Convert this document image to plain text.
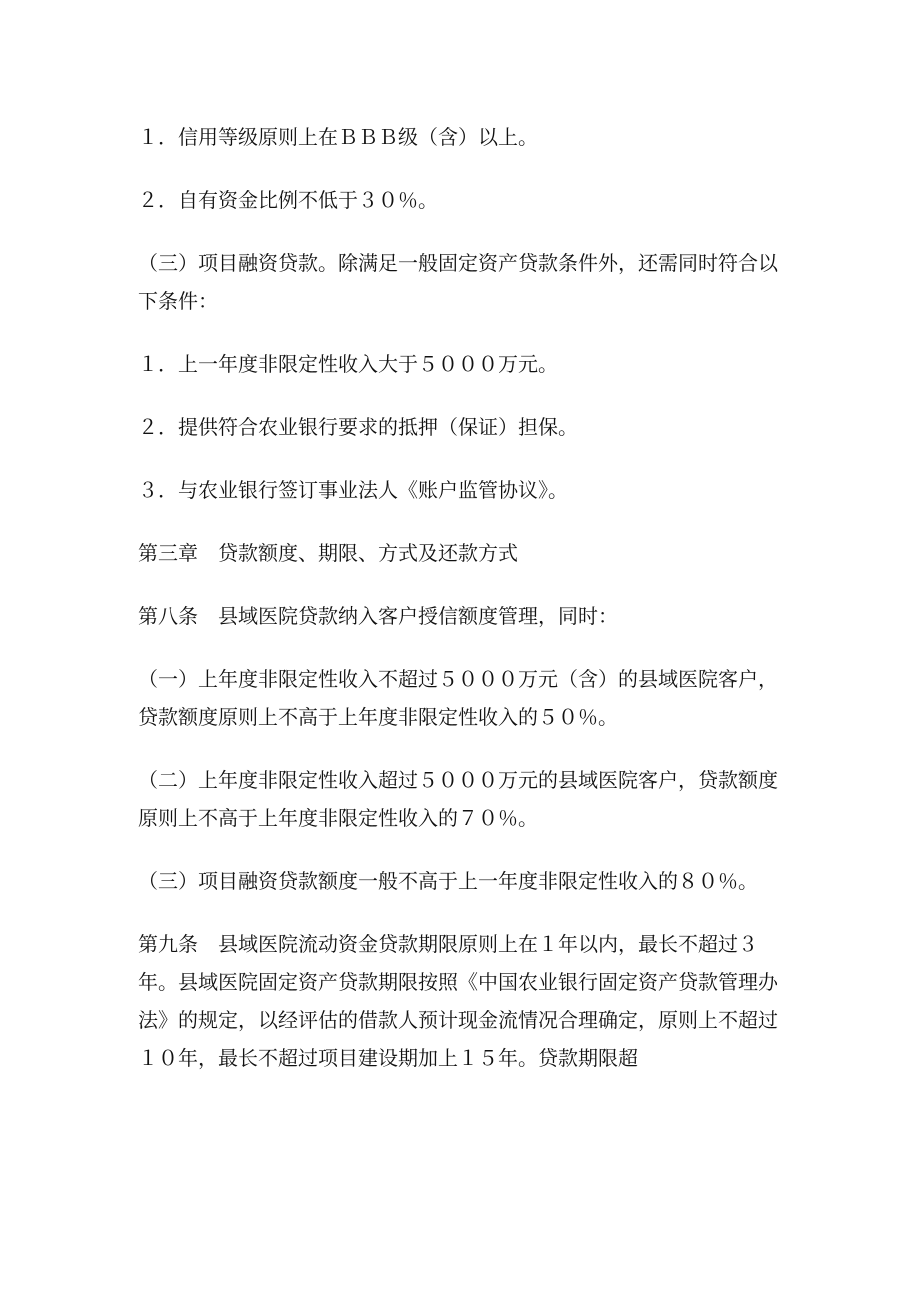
１．信用等级原则上在ＢＢＢ级（含）以上。

２．自有资金比例不低于３０％。

（三）项目融资贷款。除满足一般固定资产贷款条件外，还需同时符合以下条件：

１．上一年度非限定性收入大于５０００万元。

２．提供符合农业银行要求的抵押（保证）担保。

３．与农业银行签订事业法人《账户监管协议》。

第三章　贷款额度、期限、方式及还款方式

第八条　县域医院贷款纳入客户授信额度管理，同时：

（一）上年度非限定性收入不超过５０００万元（含）的县域医院客户，贷款额度原则上不高于上年度非限定性收入的５０％。

（二）上年度非限定性收入超过５０００万元的县域医院客户，贷款额度原则上不高于上年度非限定性收入的７０％。

（三）项目融资贷款额度一般不高于上一年度非限定性收入的８０％。

第九条　县域医院流动资金贷款期限原则上在１年以内，最长不超过３年。县域医院固定资产贷款期限按照《中国农业银行固定资产贷款管理办法》的规定，以经评估的借款人预计现金流情况合理确定，原则上不超过１０年，最长不超过项目建设期加上１５年。贷款期限超
